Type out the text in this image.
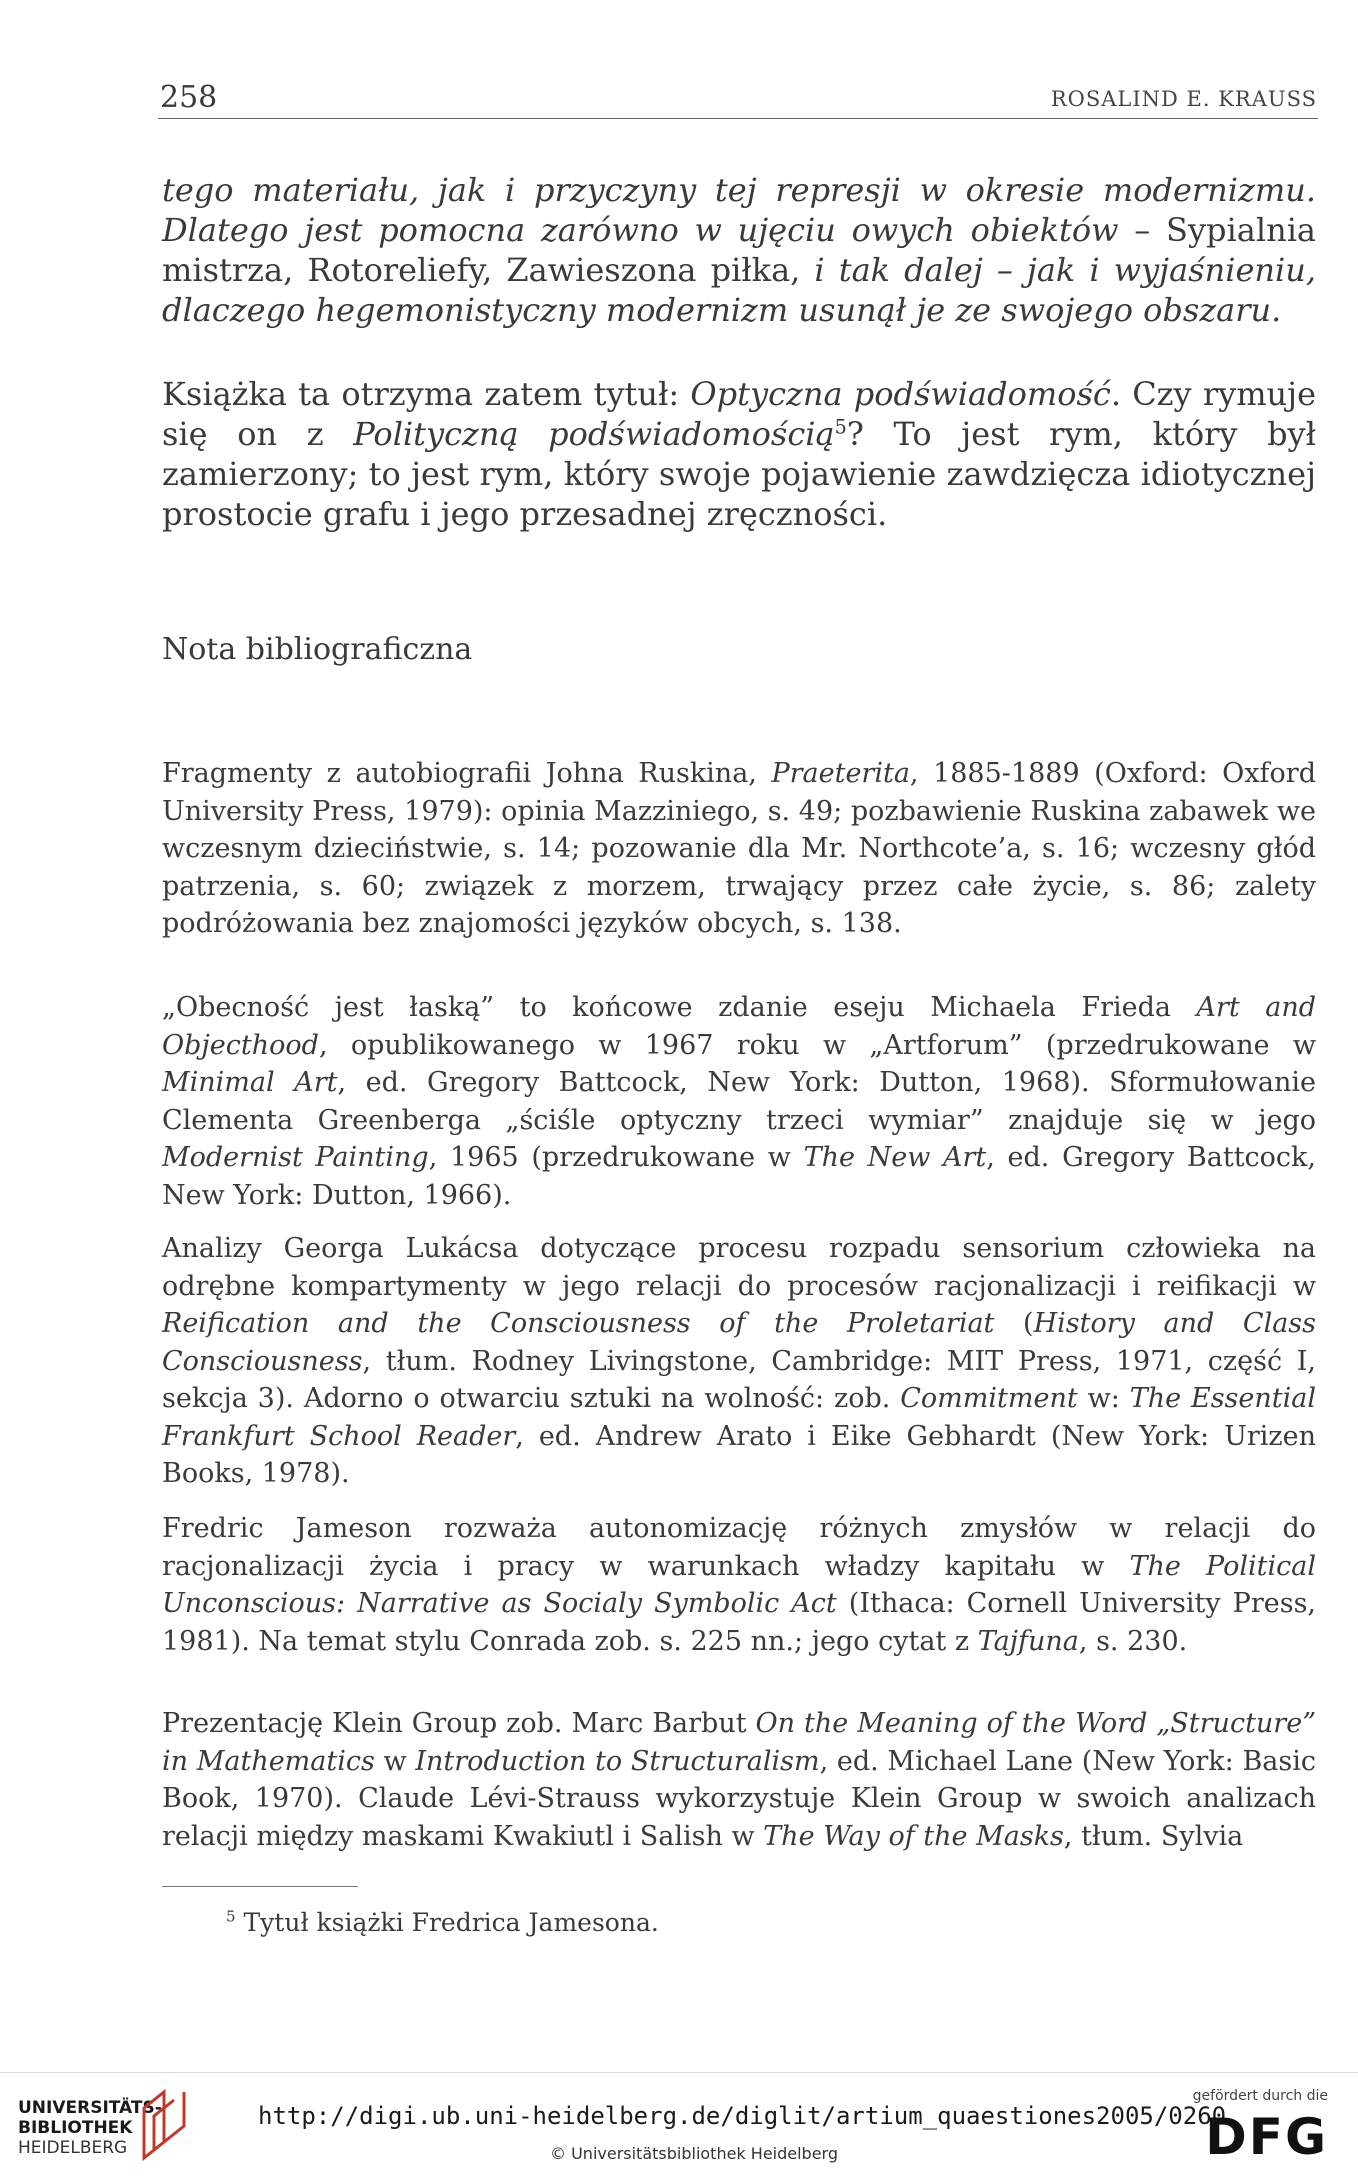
258	ROSALIND E. KRAUSS

tego materiału, jak i przyczyny tej represji w okresie modernizmu. Dlatego jest pomocna zarówno w ujęciu owych obiektów – Sypialnia mistrza, Rotoreliefy, Zawieszona piłka, i tak dalej – jak i wyjaśnieniu, dlaczego hegemonistyczny modernizm usunął je ze swojego obszaru.

Książka ta otrzyma zatem tytuł: Optyczna podświadomość. Czy rymuje się on z Polityczną podświadomością$^5$? To jest rym, który był zamierzony; to jest rym, który swoje pojawienie zawdzięcza idiotycznej prostocie grafu i jego przesadnej zręczności.

Nota bibliograficzna

Fragmenty z autobiografii Johna Ruskina, Praeterita, 1885-1889 (Oxford: Oxford University Press, 1979): opinia Mazziniego, s. 49; pozbawienie Ruskina zabawek we wczesnym dzieciństwie, s. 14; pozowanie dla Mr. Northcote’a, s. 16; wczesny głód patrzenia, s. 60; związek z morzem, trwający przez całe życie, s. 86; zalety podróżowania bez znajomości języków obcych, s. 138.

„Obecność jest łaską” to końcowe zdanie eseju Michaela Frieda Art and Objecthood, opublikowanego w 1967 roku w „Artforum” (przedrukowane w Minimal Art, ed. Gregory Battcock, New York: Dutton, 1968). Sformułowanie Clementa Greenberga „ściśle optyczny trzeci wymiar” znajduje się w jego Modernist Painting, 1965 (przedrukowane w The New Art, ed. Gregory Battcock, New York: Dutton, 1966).

Analizy Georga Lukácsa dotyczące procesu rozpadu sensorium człowieka na odrębne kompartymenty w jego relacji do procesów racjonalizacji i reifikacji w Reification and the Consciousness of the Proletariat (History and Class Consciousness, tłum. Rodney Livingstone, Cambridge: MIT Press, 1971, część I, sekcja 3). Adorno o otwarciu sztuki na wolność: zob. Commitment w: The Essential Frankfurt School Reader, ed. Andrew Arato i Eike Gebhardt (New York: Urizen Books, 1978).

Fredric Jameson rozważa autonomizację różnych zmysłów w relacji do racjonalizacji życia i pracy w warunkach władzy kapitału w The Political Unconscious: Narrative as Socialy Symbolic Act (Ithaca: Cornell University Press, 1981). Na temat stylu Conrada zob. s. 225 nn.; jego cytat z Tajfuna, s. 230.

Prezentację Klein Group zob. Marc Barbut On the Meaning of the Word „Structure” in Mathematics w Introduction to Structuralism, ed. Michael Lane (New York: Basic Book, 1970). Claude Lévi-Strauss wykorzystuje Klein Group w swoich analizach relacji między maskami Kwakiutl i Salish w The Way of the Masks, tłum. Sylvia

$^5$ Tytuł książki Fredrica Jamesona.

UNIVERSITÄTS-
BIBLIOTHEK
HEIDELBERG
http://digi.ub.uni-heidelberg.de/diglit/artium_quaestiones2005/0260
© Universitätsbibliothek Heidelberg
gefördert durch die
DFG
